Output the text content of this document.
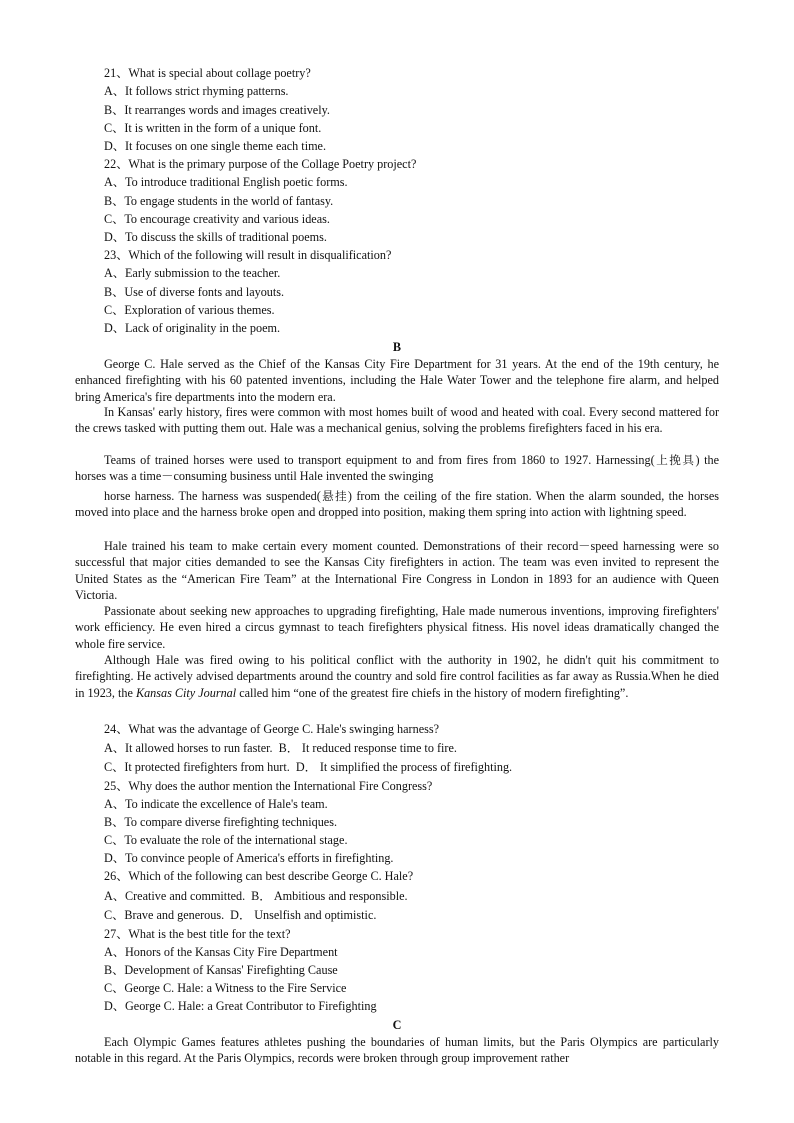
21、What is special about collage poetry?
A、It follows strict rhyming patterns.
B、It rearranges words and images creatively.
C、It is written in the form of a unique font.
D、It focuses on one single theme each time.
22、What is the primary purpose of the Collage Poetry project?
A、To introduce traditional English poetic forms.
B、To engage students in the world of fantasy.
C、To encourage creativity and various ideas.
D、To discuss the skills of traditional poems.
23、Which of the following will result in disqualification?
A、Early submission to the teacher.
B、Use of diverse fonts and layouts.
C、Exploration of various themes.
D、Lack of originality in the poem.
B

George C. Hale served as the Chief of the Kansas City Fire Department for 31 years. At the end of the 19th century, he enhanced firefighting with his 60 patented inventions, including the Hale Water Tower and the telephone fire alarm, and helped bring America's fire departments into the modern era.

In Kansas' early history, fires were common with most homes built of wood and heated with coal. Every second mattered for the crews tasked with putting them out. Hale was a mechanical genius, solving the problems firefighters faced in his era.

Teams of trained horses were used to transport equipment to and from fires from 1860 to 1927. Harnessing(上挽具) the horses was a time－consuming business until Hale invented the swinging

horse harness. The harness was suspended(悬挂) from the ceiling of the fire station. When the alarm sounded, the horses moved into place and the harness broke open and dropped into position, making them spring into action with lightning speed.

Hale trained his team to make certain every moment counted. Demonstrations of their record－speed harnessing were so successful that major cities demanded to see the Kansas City firefighters in action. The team was even invited to represent the United States as the “American Fire Team” at the International Fire Congress in London in 1893 for an audience with Queen Victoria.

Passionate about seeking new approaches to upgrading firefighting, Hale made numerous inventions, improving firefighters' work efficiency. He even hired a circus gymnast to teach firefighters physical fitness. His novel ideas dramatically changed the whole fire service.

Although Hale was fired owing to his political conflict with the authority in 1902, he didn't quit his commitment to firefighting. He actively advised departments around the country and sold fire control facilities as far away as Russia.When he died in 1923, the Kansas City Journal called him “one of the greatest fire chiefs in the history of modern firefighting”.

24、What was the advantage of George C. Hale's swinging harness?
A、It allowed horses to run faster. B． It reduced response time to fire.
C、It protected firefighters from hurt. D． It simplified the process of firefighting.
25、Why does the author mention the International Fire Congress?
A、To indicate the excellence of Hale's team.
B、To compare diverse firefighting techniques.
C、To evaluate the role of the international stage.
D、To convince people of America's efforts in firefighting.
26、Which of the following can best describe George C. Hale?
A、Creative and committed. B． Ambitious and responsible.
C、Brave and generous. D． Unselfish and optimistic.
27、What is the best title for the text?
A、Honors of the Kansas City Fire Department
B、Development of Kansas' Firefighting Cause
C、George C. Hale: a Witness to the Fire Service
D、George C. Hale: a Great Contributor to Firefighting
C

Each Olympic Games features athletes pushing the boundaries of human limits, but the Paris Olympics are particularly notable in this regard. At the Paris Olympics, records were broken through group improvement rather
